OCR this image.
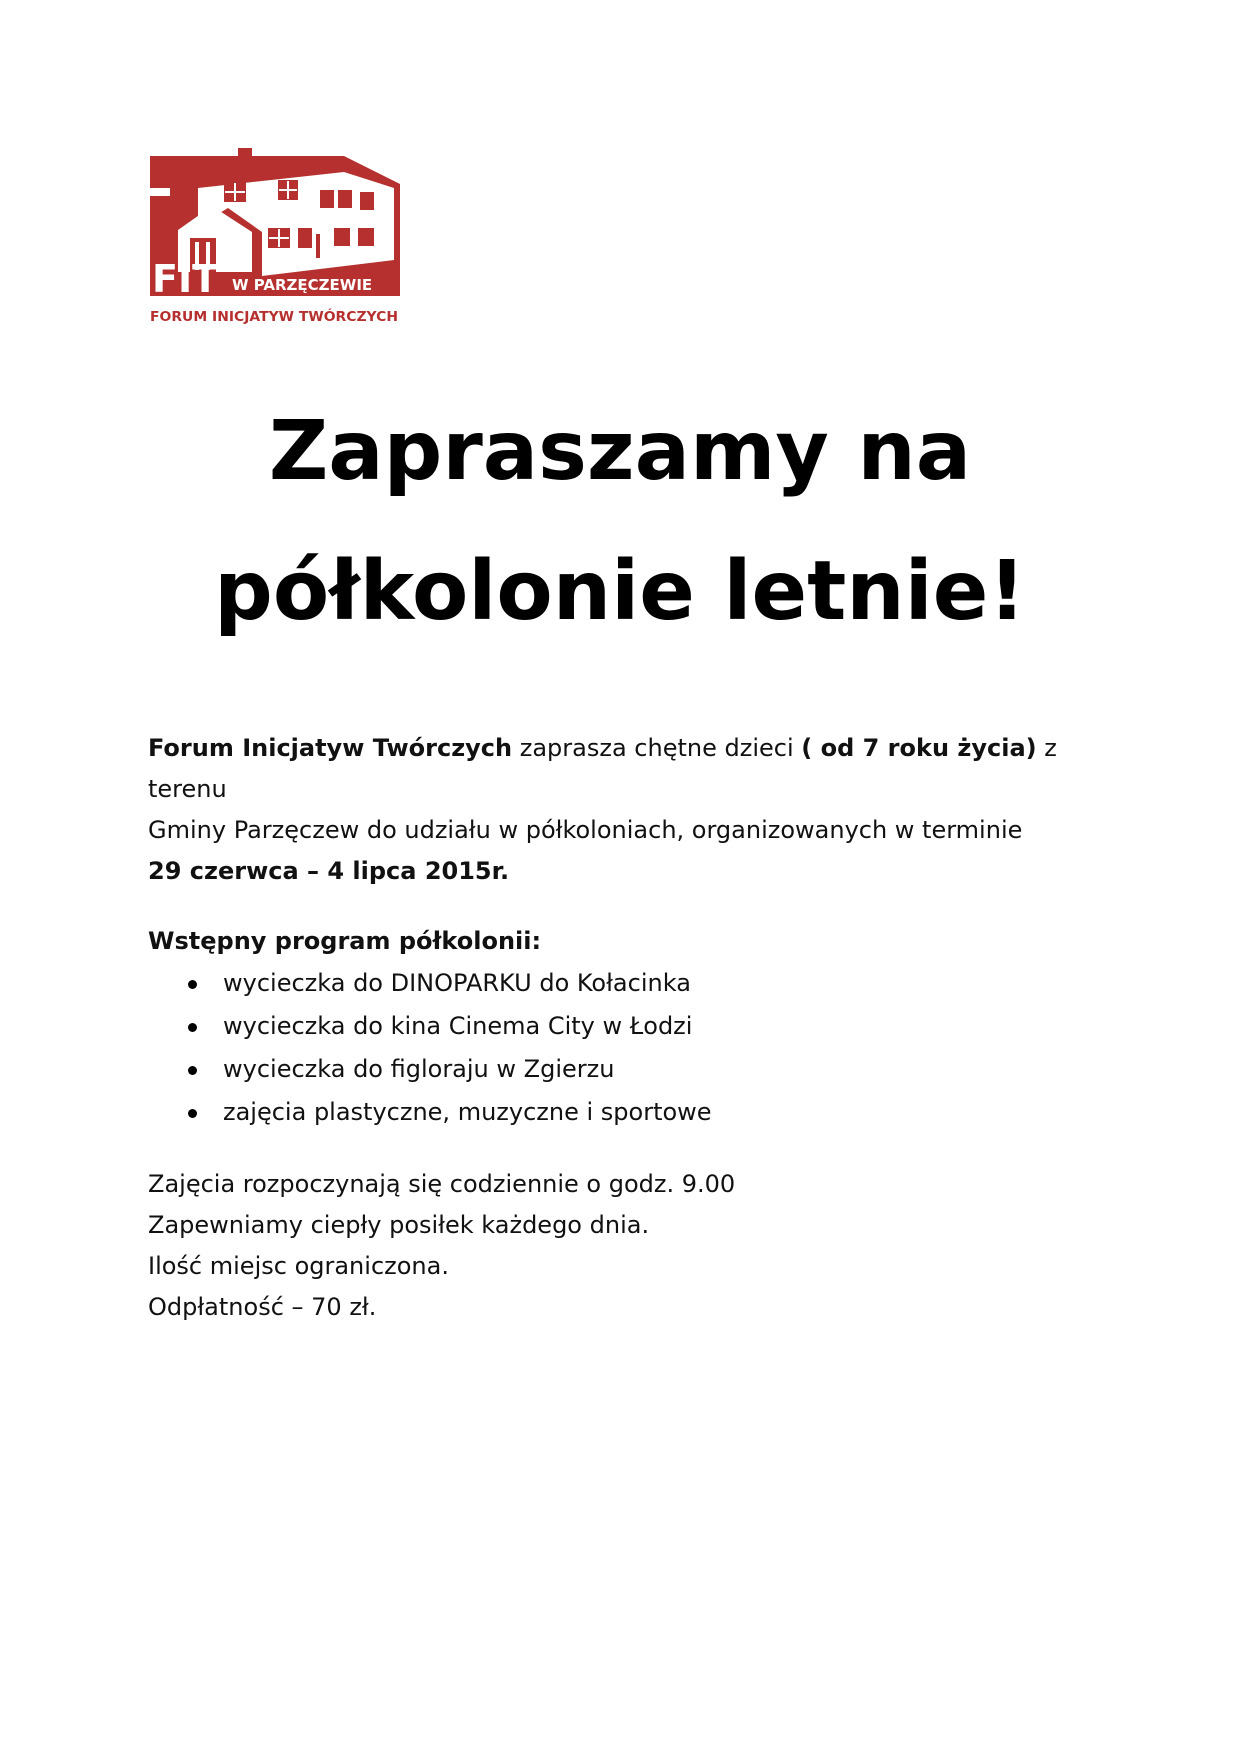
FIT W PARZĘCZEWIE
FORUM INICJATYW TWÓRCZYCH
Zapraszamy na
półkolonie letnie!

Forum Inicjatyw Twórczych zaprasza chętne dzieci ( od 7 roku życia) z terenu

Gminy Parzęczew do udziału w półkoloniach, organizowanych w terminie

29 czerwca – 4 lipca 2015r.

Wstępny program półkolonii:

wycieczka do DINOPARKU do Kołacinka
wycieczka do kina Cinema City w Łodzi
wycieczka do figloraju w Zgierzu
zajęcia plastyczne, muzyczne i sportowe

Zajęcia rozpoczynają się codziennie o godz. 9.00

Zapewniamy ciepły posiłek każdego dnia.

Ilość miejsc ograniczona.

Odpłatność – 70 zł.
